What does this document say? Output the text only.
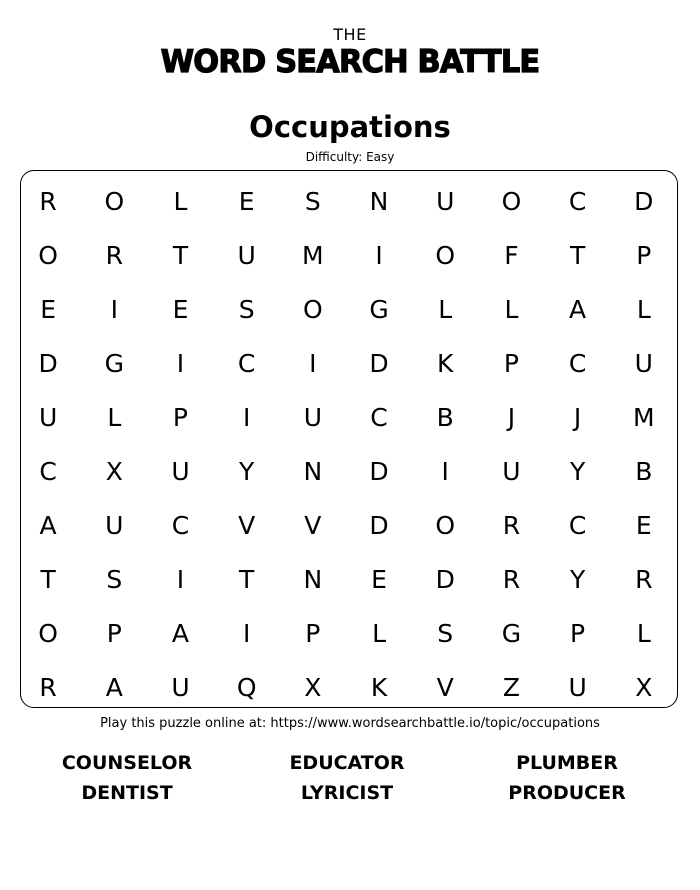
THE
WORD SEARCH BATTLE
Occupations
Difficulty: Easy
R	O	L	E	S	N	U	O	C	D
O	R	T	U	M	I	O	F	T	P
E	I	E	S	O	G	L	L	A	L
D	G	I	C	I	D	K	P	C	U
U	L	P	I	U	C	B	J	J	M
C	X	U	Y	N	D	I	U	Y	B
A	U	C	V	V	D	O	R	C	E
T	S	I	T	N	E	D	R	Y	R
O	P	A	I	P	L	S	G	P	L
R	A	U	Q	X	K	V	Z	U	X
Play this puzzle online at: https://www.wordsearchbattle.io/topic/occupations
COUNSELOR	EDUCATOR	PLUMBER
DENTIST	LYRICIST	PRODUCER
